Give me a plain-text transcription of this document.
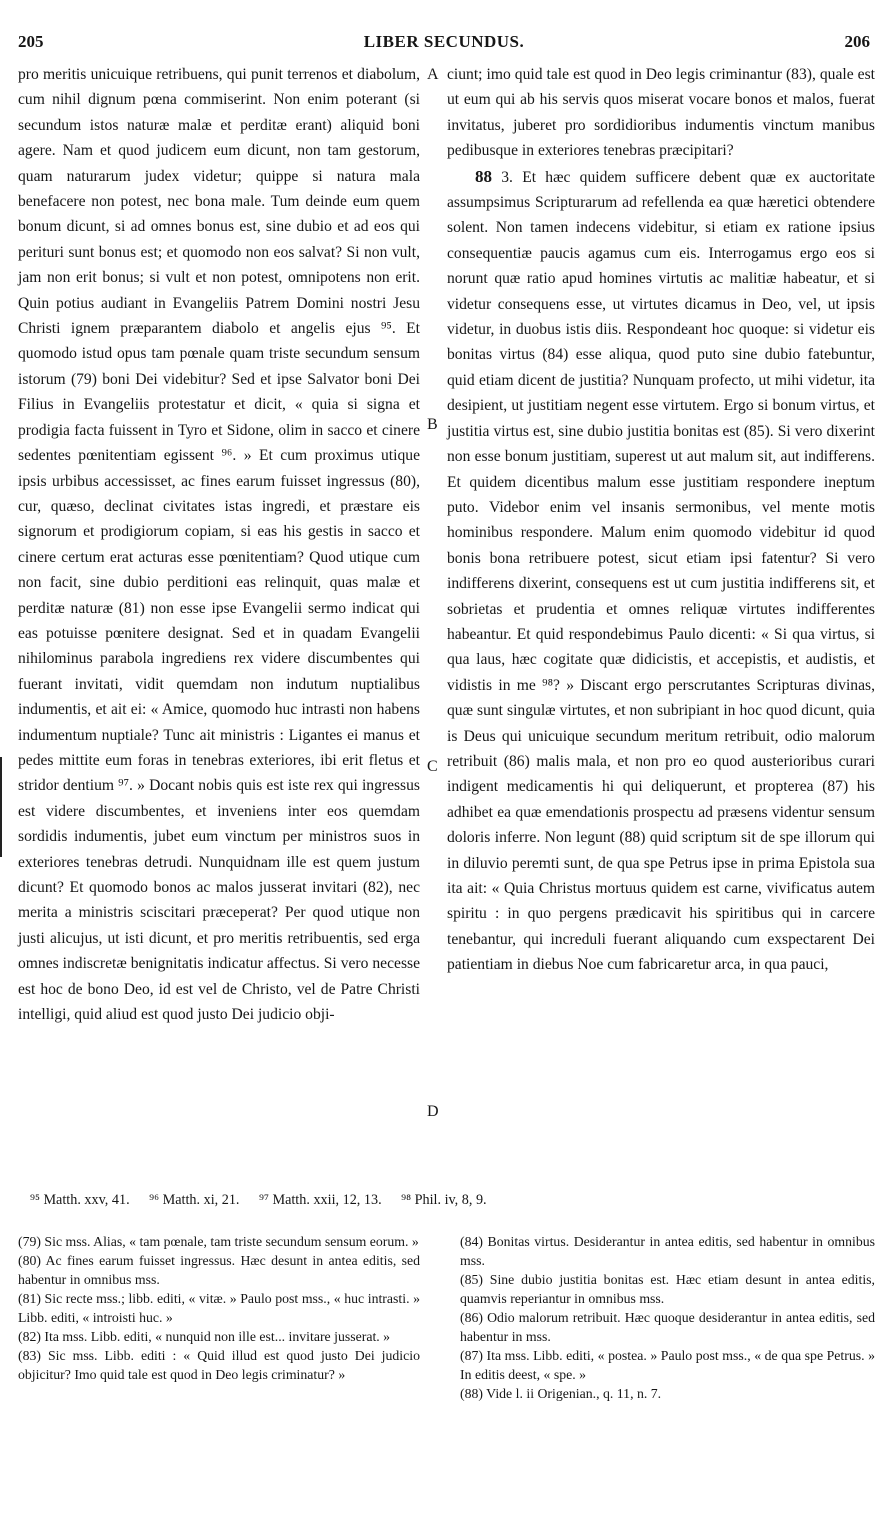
205	LIBER SECUNDUS.	206
A
B
C
D

pro meritis unicuique retribuens, qui punit terrenos et diabolum, cum nihil dignum pœna commiserint. Non enim poterant (si secundum istos naturæ malæ et perditæ erant) aliquid boni agere. Nam et quod judicem eum dicunt, non tam gestorum, quam naturarum judex videtur; quippe si natura mala benefacere non potest, nec bona male. Tum deinde eum quem bonum dicunt, si ad omnes bonus est, sine dubio et ad eos qui perituri sunt bonus est; et quomodo non eos salvat? Si non vult, jam non erit bonus; si vult et non potest, omnipotens non erit. Quin potius audiant in Evangeliis Patrem Domini nostri Jesu Christi ignem præparantem diabolo et angelis ejus ⁹⁵. Et quomodo istud opus tam pœnale quam triste secundum sensum istorum (79) boni Dei videbitur? Sed et ipse Salvator boni Dei Filius in Evangeliis protestatur et dicit, « quia si signa et prodigia facta fuissent in Tyro et Sidone, olim in sacco et cinere sedentes pœnitentiam egissent ⁹⁶. » Et cum proximus utique ipsis urbibus accessisset, ac fines earum fuisset ingressus (80), cur, quæso, declinat civitates istas ingredi, et præstare eis signorum et prodigiorum copiam, si eas his gestis in sacco et cinere certum erat acturas esse pœnitentiam? Quod utique cum non facit, sine dubio perditioni eas relinquit, quas malæ et perditæ naturæ (81) non esse ipse Evangelii sermo indicat qui eas potuisse pœnitere designat. Sed et in quadam Evangelii nihilominus parabola ingrediens rex videre discumbentes qui fuerant invitati, vidit quemdam non indutum nuptialibus indumentis, et ait ei: « Amice, quomodo huc intrasti non habens indumentum nuptiale? Tunc ait ministris : Ligantes ei manus et pedes mittite eum foras in tenebras exteriores, ibi erit fletus et stridor dentium ⁹⁷. » Docant nobis quis est iste rex qui ingressus est videre discumbentes, et inveniens inter eos quemdam sordidis indumentis, jubet eum vinctum per ministros suos in exteriores tenebras detrudi. Nunquidnam ille est quem justum dicunt? Et quomodo bonos ac malos jusserat invitari (82), nec merita a ministris sciscitari præceperat? Per quod utique non justi alicujus, ut isti dicunt, et pro meritis retribuentis, sed erga omnes indiscretæ benignitatis indicatur affectus. Si vero necesse est hoc de bono Deo, id est vel de Christo, vel de Patre Christi intelligi, quid aliud est quod justo Dei judicio obji-

ciunt; imo quid tale est quod in Deo legis criminantur (83), quale est ut eum qui ab his servis quos miserat vocare bonos et malos, fuerat invitatus, juberet pro sordidioribus indumentis vinctum manibus pedibusque in exteriores tenebras præcipitari?

88 3. Et hæc quidem sufficere debent quæ ex auctoritate assumpsimus Scripturarum ad refellenda ea quæ hæretici obtendere solent. Non tamen indecens videbitur, si etiam ex ratione ipsius consequentiæ paucis agamus cum eis. Interrogamus ergo eos si norunt quæ ratio apud homines virtutis ac malitiæ habeatur, et si videtur consequens esse, ut virtutes dicamus in Deo, vel, ut ipsis videtur, in duobus istis diis. Respondeant hoc quoque: si videtur eis bonitas virtus (84) esse aliqua, quod puto sine dubio fatebuntur, quid etiam dicent de justitia? Nunquam profecto, ut mihi videtur, ita desipient, ut justitiam negent esse virtutem. Ergo si bonum virtus, et justitia virtus est, sine dubio justitia bonitas est (85). Si vero dixerint non esse bonum justitiam, superest ut aut malum sit, aut indifferens. Et quidem dicentibus malum esse justitiam respondere ineptum puto. Videbor enim vel insanis sermonibus, vel mente motis hominibus respondere. Malum enim quomodo videbitur id quod bonis bona retribuere potest, sicut etiam ipsi fatentur? Si vero indifferens dixerint, consequens est ut cum justitia indifferens sit, et sobrietas et prudentia et omnes reliquæ virtutes indifferentes habeantur. Et quid respondebimus Paulo dicenti: « Si qua virtus, si qua laus, hæc cogitate quæ didicistis, et accepistis, et audistis, et vidistis in me ⁹⁸? » Discant ergo perscrutantes Scripturas divinas, quæ sunt singulæ virtutes, et non subripiant in hoc quod dicunt, quia is Deus qui unicuique secundum meritum retribuit, odio malorum retribuit (86) malis mala, et non pro eo quod austerioribus curari indigent medicamentis hi qui deliquerunt, et propterea (87) his adhibet ea quæ emendationis prospectu ad præsens videntur sensum doloris inferre. Non legunt (88) quid scriptum sit de spe illorum qui in diluvio peremti sunt, de qua spe Petrus ipse in prima Epistola sua ita ait: « Quia Christus mortuus quidem est carne, vivificatus autem spiritu : in quo pergens prædicavit his spiritibus qui in carcere tenebantur, qui increduli fuerant aliquando cum exspectarent Dei patientiam in diebus Noe cum fabricaretur arca, in qua pauci,

⁹⁵ Matth. xxv, 41. ⁹⁶ Matth. xi, 21. ⁹⁷ Matth. xxii, 12, 13. ⁹⁸ Phil. iv, 8, 9.

(79) Sic mss. Alias, « tam pœnale, tam triste secundum sensum eorum. »

(80) Ac fines earum fuisset ingressus. Hæc desunt in antea editis, sed habentur in omnibus mss.

(81) Sic recte mss.; libb. editi, « vitæ. » Paulo post mss., « huc intrasti. » Libb. editi, « introisti huc. »

(82) Ita mss. Libb. editi, « nunquid non ille est... invitare jusserat. »

(83) Sic mss. Libb. editi : « Quid illud est quod justo Dei judicio objicitur? Imo quid tale est quod in Deo legis criminatur? »

(84) Bonitas virtus. Desiderantur in antea editis, sed habentur in omnibus mss.

(85) Sine dubio justitia bonitas est. Hæc etiam desunt in antea editis, quamvis reperiantur in omnibus mss.

(86) Odio malorum retribuit. Hæc quoque desiderantur in antea editis, sed habentur in mss.

(87) Ita mss. Libb. editi, « postea. » Paulo post mss., « de qua spe Petrus. » In editis deest, « spe. »

(88) Vide l. ii Origenian., q. 11, n. 7.
